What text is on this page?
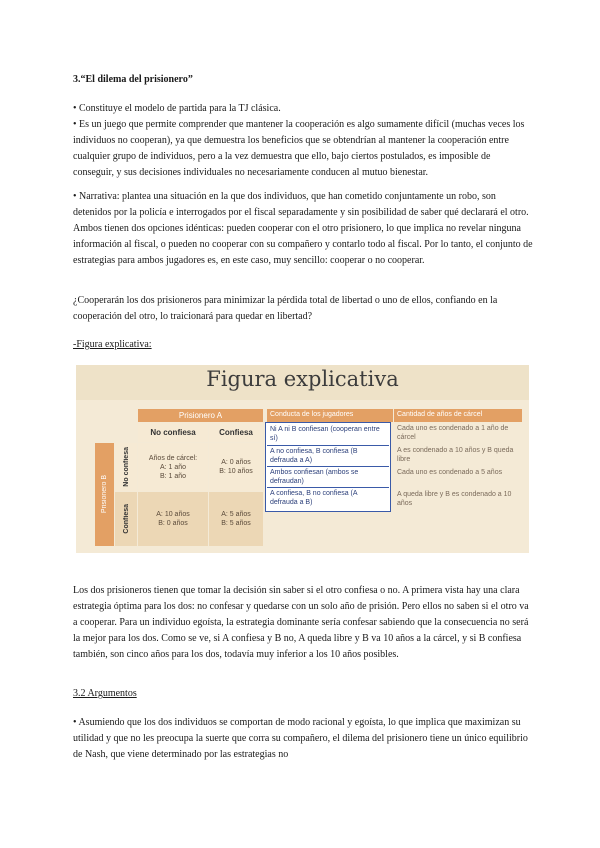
3.“El dilema del prisionero”

• Constituye el modelo de partida para la TJ clásica.

• Es un juego que permite comprender que mantener la cooperación es algo sumamente difícil (muchas veces los individuos no cooperan), ya que demuestra los beneficios que se obtendrían al mantener la cooperación entre cualquier grupo de individuos, pero a la vez demuestra que ello, bajo ciertos postulados, es imposible de conseguir, y sus decisiones individuales no necesariamente conducen al mutuo bienestar.

• Narrativa: plantea una situación en la que dos individuos, que han cometido conjuntamente un robo, son detenidos por la policía e interrogados por el fiscal separadamente y sin posibilidad de saber qué declarará el otro. Ambos tienen dos opciones idénticas: pueden cooperar con el otro prisionero, lo que implica no revelar ninguna información al fiscal, o pueden no cooperar con su compañero y contarlo todo al fiscal. Por lo tanto, el conjunto de estrategias para ambos jugadores es, en este caso, muy sencillo: cooperar o no cooperar.

¿Cooperarán los dos prisioneros para minimizar la pérdida total de libertad o uno de ellos, confiando en la cooperación del otro, lo traicionará para quedar en libertad?

-Figura explicativa:

Figura explicativa
Prisionero A
No confiesa	Confiesa
Prisionero B
No confiesa
Confiesa
Años de cárcel:
A: 1 año
B: 1 año
A: 0 años
B: 10 años
A: 10 años
B: 0 años
A: 5 años
B: 5 años
Conducta de los jugadores	Cantidad de años de cárcel
Ni A ni B confiesan (cooperan entre sí)
A no confiesa, B confiesa (B defrauda a A)
Ambos confiesan (ambos se defraudan)
A confiesa, B no confiesa (A defrauda a B)
Cada uno es condenado a 1 año de cárcel
A es condenado a 10 años y B queda libre
Cada uno es condenado a 5 años
A queda libre y B es condenado a 10 años

Los dos prisioneros tienen que tomar la decisión sin saber si el otro confiesa o no. A primera vista hay una clara estrategia óptima para los dos: no confesar y quedarse con un solo año de prisión. Pero ellos no saben si el otro va a cooperar. Para un individuo egoísta, la estrategia dominante sería confesar sabiendo que la consecuencia no será la mejor para los dos. Como se ve, si A confiesa y B no, A queda libre y B va 10 años a la cárcel, y si B confiesa también, son cinco años para los dos, todavía muy inferior a los 10 años posibles.

3.2 Argumentos

• Asumiendo que los dos individuos se comportan de modo racional y egoísta, lo que implica que maximizan su utilidad y que no les preocupa la suerte que corra su compañero, el dilema del prisionero tiene un único equilibrio de Nash, que viene determinado por las estrategias no
